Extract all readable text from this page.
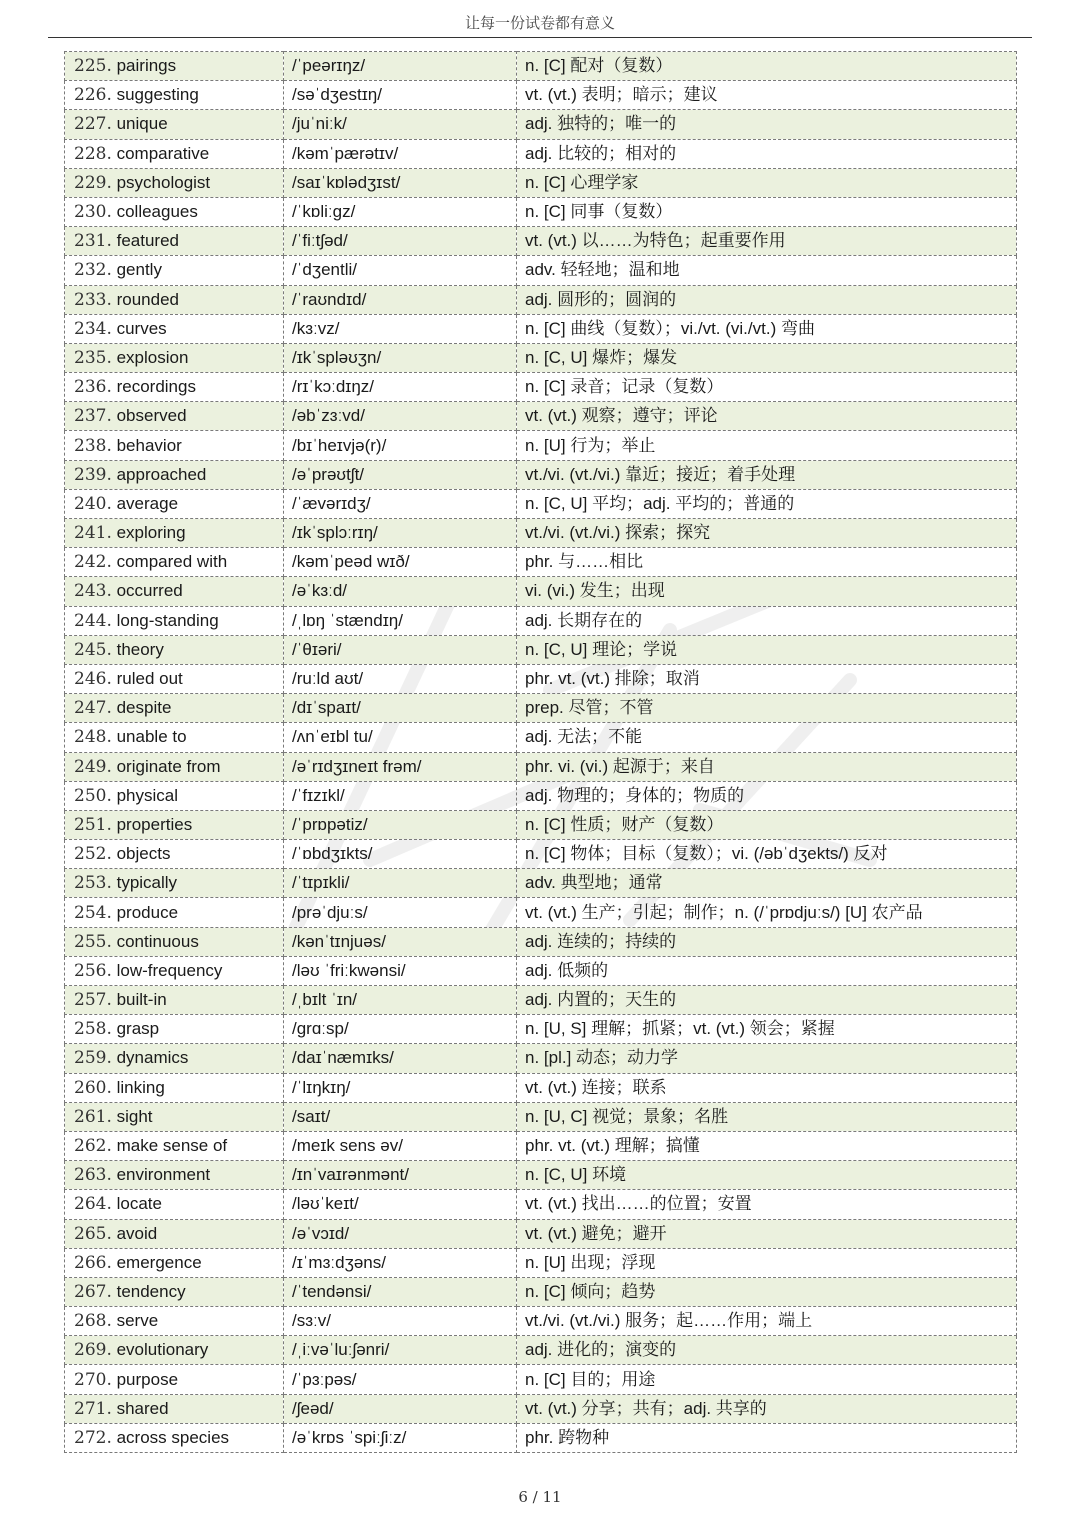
让每一份试卷都有意义
225. pairings	/ˈpeərɪŋz/	n. [C] 配对（复数）
226. suggesting	/səˈdʒestɪŋ/	vt. (vt.) 表明；暗示；建议
227. unique	/juˈniːk/	adj. 独特的；唯一的
228. comparative	/kəmˈpærətɪv/	adj. 比较的；相对的
229. psychologist	/saɪˈkɒlədʒɪst/	n. [C] 心理学家
230. colleagues	/ˈkɒliːgz/	n. [C] 同事（复数）
231. featured	/ˈfiːtʃəd/	vt. (vt.) 以……为特色；起重要作用
232. gently	/ˈdʒentli/	adv. 轻轻地；温和地
233. rounded	/ˈraʊndɪd/	adj. 圆形的；圆润的
234. curves	/kɜːvz/	n. [C] 曲线（复数）；vi./vt. (vi./vt.) 弯曲
235. explosion	/ɪkˈspləʊʒn/	n. [C, U] 爆炸；爆发
236. recordings	/rɪˈkɔːdɪŋz/	n. [C] 录音；记录（复数）
237. observed	/əbˈzɜːvd/	vt. (vt.) 观察；遵守；评论
238. behavior	/bɪˈheɪvjə(r)/	n. [U] 行为；举止
239. approached	/əˈprəʊtʃt/	vt./vi. (vt./vi.) 靠近；接近；着手处理
240. average	/ˈævərɪdʒ/	n. [C, U] 平均；adj. 平均的；普通的
241. exploring	/ɪkˈsplɔːrɪŋ/	vt./vi. (vt./vi.) 探索；探究
242. compared with	/kəmˈpeəd wɪð/	phr. 与……相比
243. occurred	/əˈkɜːd/	vi. (vi.) 发生；出现
244. long-standing	/ˌlɒŋ ˈstændɪŋ/	adj. 长期存在的
245. theory	/ˈθɪəri/	n. [C, U] 理论；学说
246. ruled out	/ruːld aʊt/	phr. vt. (vt.) 排除；取消
247. despite	/dɪˈspaɪt/	prep. 尽管；不管
248. unable to	/ʌnˈeɪbl tu/	adj. 无法；不能
249. originate from	/əˈrɪdʒɪneɪt frəm/	phr. vi. (vi.) 起源于；来自
250. physical	/ˈfɪzɪkl/	adj. 物理的；身体的；物质的
251. properties	/ˈprɒpətiz/	n. [C] 性质；财产（复数）
252. objects	/ˈɒbdʒɪkts/	n. [C] 物体；目标（复数）；vi. (/əbˈdʒekts/) 反对
253. typically	/ˈtɪpɪkli/	adv. 典型地；通常
254. produce	/prəˈdjuːs/	vt. (vt.) 生产；引起；制作；n. (/ˈprɒdjuːs/) [U] 农产品
255. continuous	/kənˈtɪnjuəs/	adj. 连续的；持续的
256. low-frequency	/ləʊ ˈfriːkwənsi/	adj. 低频的
257. built-in	/ˌbɪlt ˈɪn/	adj. 内置的；天生的
258. grasp	/grɑːsp/	n. [U, S] 理解；抓紧；vt. (vt.) 领会；紧握
259. dynamics	/daɪˈnæmɪks/	n. [pl.] 动态；动力学
260. linking	/ˈlɪŋkɪŋ/	vt. (vt.) 连接；联系
261. sight	/saɪt/	n. [U, C] 视觉；景象；名胜
262. make sense of	/meɪk sens əv/	phr. vt. (vt.) 理解；搞懂
263. environment	/ɪnˈvaɪrənmənt/	n. [C, U] 环境
264. locate	/ləʊˈkeɪt/	vt. (vt.) 找出……的位置；安置
265. avoid	/əˈvɔɪd/	vt. (vt.) 避免；避开
266. emergence	/ɪˈmɜːdʒəns/	n. [U] 出现；浮现
267. tendency	/ˈtendənsi/	n. [C] 倾向；趋势
268. serve	/sɜːv/	vt./vi. (vt./vi.) 服务；起……作用；端上
269. evolutionary	/ˌiːvəˈluːʃənri/	adj. 进化的；演变的
270. purpose	/ˈpɜːpəs/	n. [C] 目的；用途
271. shared	/ʃeəd/	vt. (vt.) 分享；共有；adj. 共享的
272. across species	/əˈkrɒs ˈspiːʃiːz/	phr. 跨物种
6 / 11
